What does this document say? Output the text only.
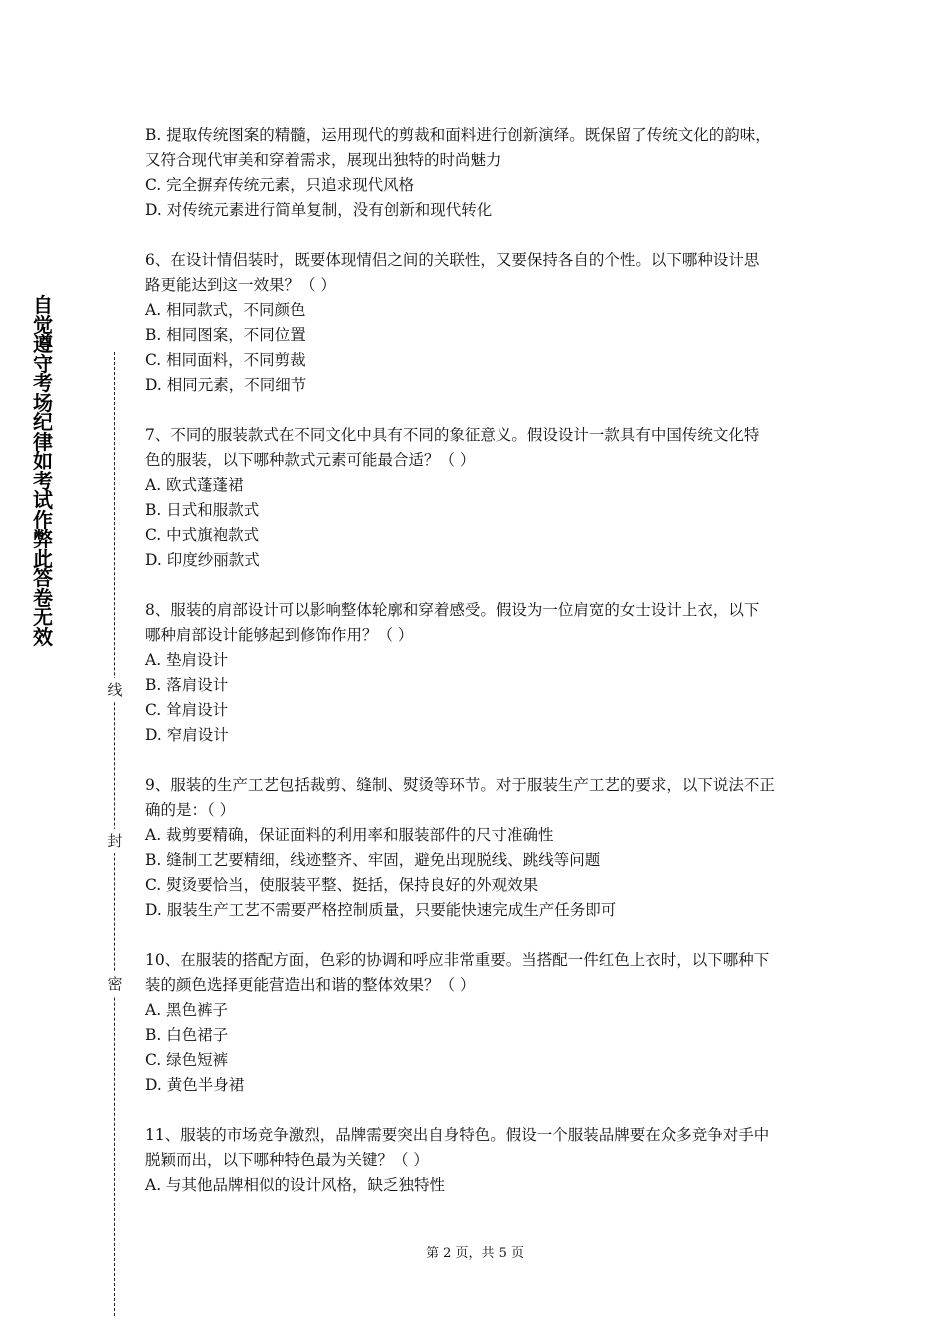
自
觉
遵
守
考
场
纪
律
如
考
试
作
弊
此
答
卷
无
效
线
封
密
B. 提取传统图案的精髓，运用现代的剪裁和面料进行创新演绎。既保留了传统文化的韵味，
又符合现代审美和穿着需求，展现出独特的时尚魅力
C. 完全摒弃传统元素，只追求现代风格
D. 对传统元素进行简单复制，没有创新和现代转化
6、在设计情侣装时，既要体现情侣之间的关联性，又要保持各自的个性。以下哪种设计思
路更能达到这一效果？（ ）
A. 相同款式，不同颜色
B. 相同图案，不同位置
C. 相同面料，不同剪裁
D. 相同元素，不同细节
7、不同的服装款式在不同文化中具有不同的象征意义。假设设计一款具有中国传统文化特
色的服装，以下哪种款式元素可能最合适？（ ）
A. 欧式蓬蓬裙
B. 日式和服款式
C. 中式旗袍款式
D. 印度纱丽款式
8、服装的肩部设计可以影响整体轮廓和穿着感受。假设为一位肩宽的女士设计上衣，以下
哪种肩部设计能够起到修饰作用？（ ）
A. 垫肩设计
B. 落肩设计
C. 耸肩设计
D. 窄肩设计
9、服装的生产工艺包括裁剪、缝制、熨烫等环节。对于服装生产工艺的要求，以下说法不正
确的是：（ ）
A. 裁剪要精确，保证面料的利用率和服装部件的尺寸准确性
B. 缝制工艺要精细，线迹整齐、牢固，避免出现脱线、跳线等问题
C. 熨烫要恰当，使服装平整、挺括，保持良好的外观效果
D. 服装生产工艺不需要严格控制质量，只要能快速完成生产任务即可
10、在服装的搭配方面，色彩的协调和呼应非常重要。当搭配一件红色上衣时，以下哪种下
装的颜色选择更能营造出和谐的整体效果？（ ）
A. 黑色裤子
B. 白色裙子
C. 绿色短裤
D. 黄色半身裙
11、服装的市场竞争激烈，品牌需要突出自身特色。假设一个服装品牌要在众多竞争对手中
脱颖而出，以下哪种特色最为关键？（ ）
A. 与其他品牌相似的设计风格，缺乏独特性
第 2 页，共 5 页
